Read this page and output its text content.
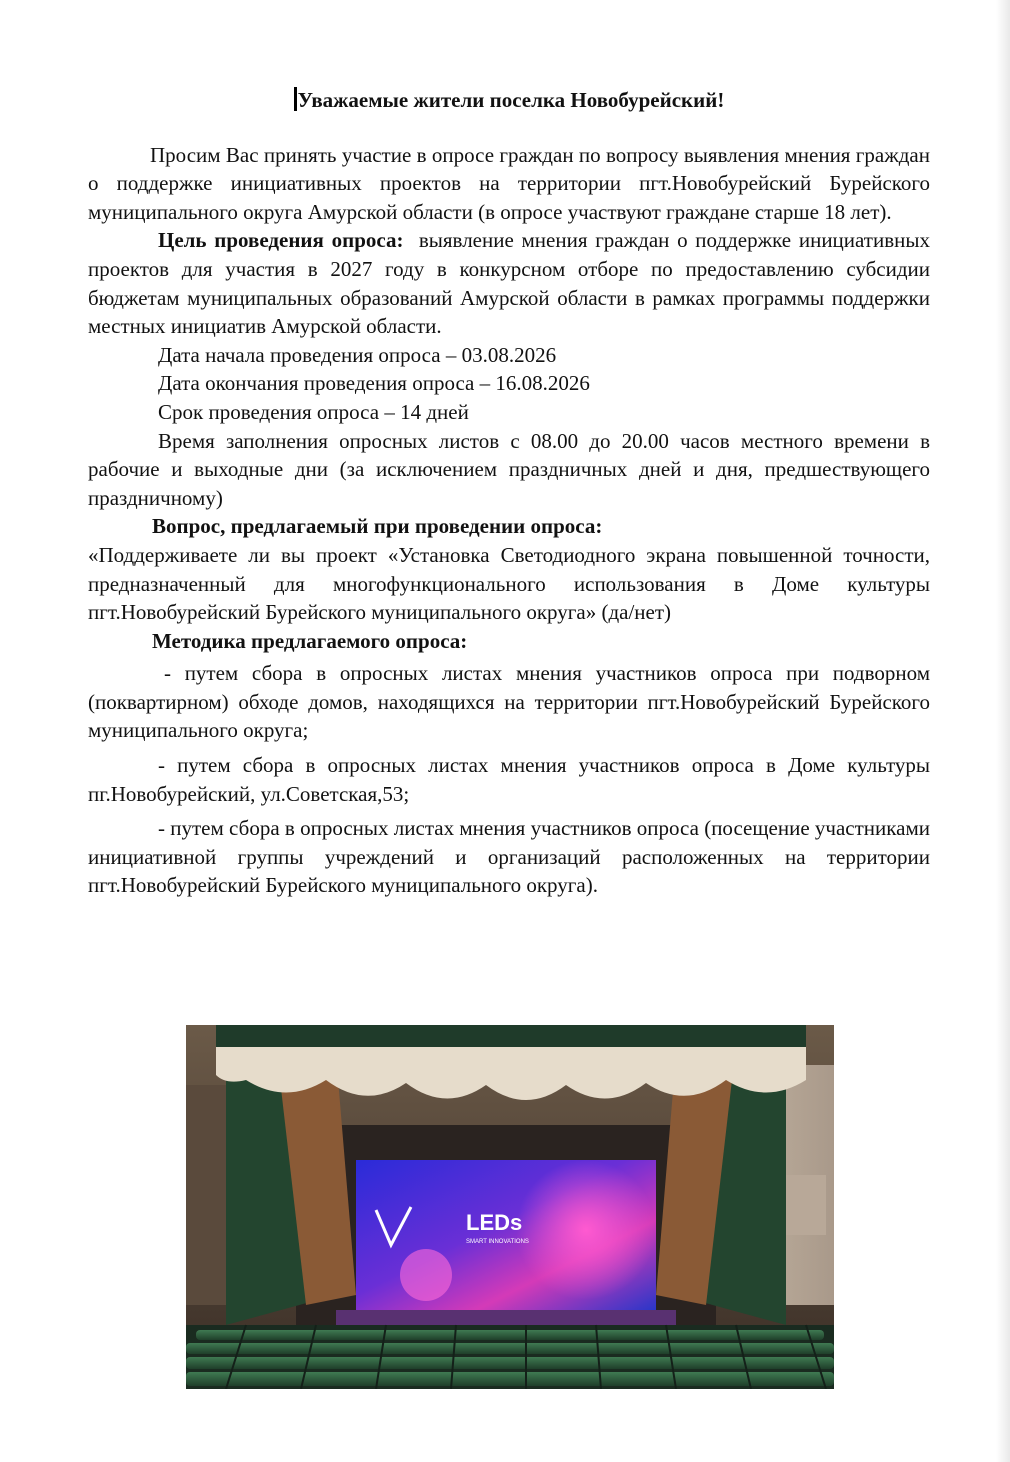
Уважаемые жители поселка Новобурейский!

Просим Вас принять участие в опросе граждан по вопросу выявления мнения граждан о поддержке инициативных проектов на территории пгт.Новобурейский Бурейского муниципального округа Амурской области (в опросе участвуют граждане старше 18 лет).

Цель проведения опроса: выявление мнения граждан о поддержке инициативных проектов для участия в 2027 году в конкурсном отборе по предоставлению субсидии бюджетам муниципальных образований Амурской области в рамках программы поддержки местных инициатив Амурской области.

Дата начала проведения опроса – 03.08.2026

Дата окончания проведения опроса – 16.08.2026

Срок проведения опроса – 14 дней

Время заполнения опросных листов с 08.00 до 20.00 часов местного времени в рабочие и выходные дни (за исключением праздничных дней и дня, предшествующего праздничному)

Вопрос, предлагаемый при проведении опроса:

«Поддерживаете ли вы проект «Установка Светодиодного экрана повышенной точности, предназначенный для многофункционального использования в Доме культуры пгт.Новобурейский Бурейского муниципального округа» (да/нет)

Методика предлагаемого опроса:

- путем сбора в опросных листах мнения участников опроса при подворном (поквартирном) обходе домов, находящихся на территории пгт.Новобурейский Бурейского муниципального округа;

- путем сбора в опросных листах мнения участников опроса в Доме культуры пг.Новобурейский, ул.Советская,53;

- путем сбора в опросных листах мнения участников опроса (посещение участниками инициативной группы учреждений и организаций расположенных на территории пгт.Новобурейский Бурейского муниципального округа).

LEDs
SMART INNOVATIONS
